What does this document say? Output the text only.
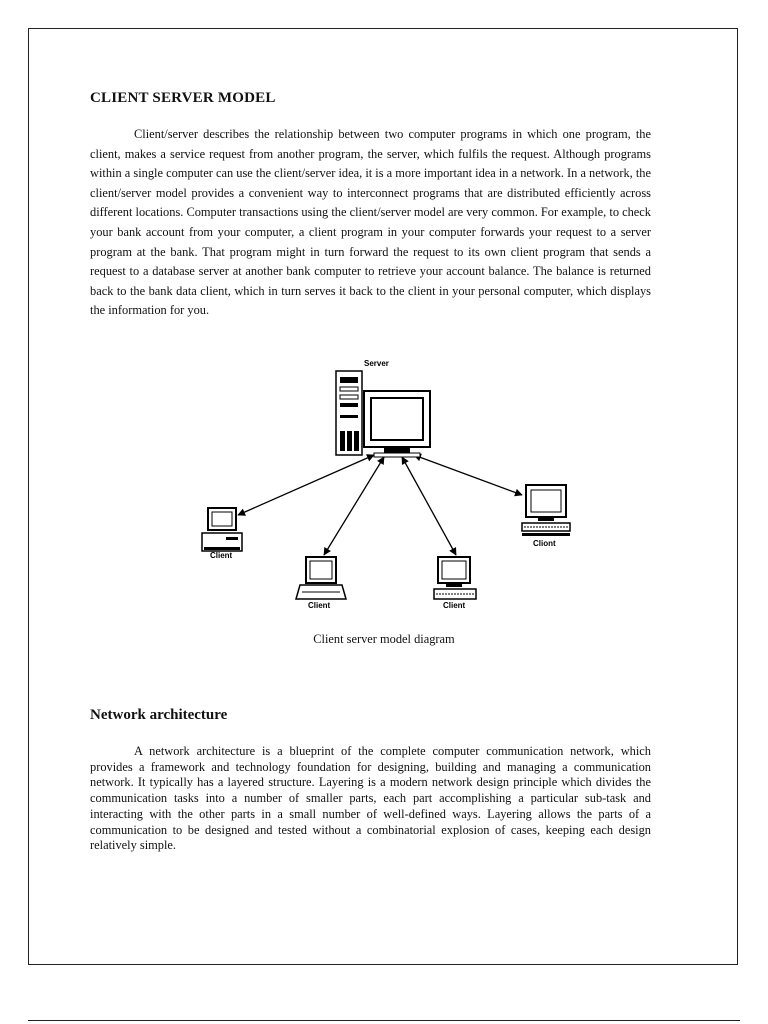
CLIENT SERVER MODEL

Client/server describes the relationship between two computer programs in which one program, the client, makes a service request from another program, the server, which fulfils the request. Although programs within a single computer can use the client/server idea, it is a more important idea in a network. In a network, the client/server model provides a convenient way to interconnect programs that are distributed efficiently across different locations. Computer transactions using the client/server model are very common. For example, to check your bank account from your computer, a client program in your computer forwards your request to a server program at the bank. That program might in turn forward the request to its own client program that sends a request to a database server at another bank computer to retrieve your account balance. The balance is returned back to the bank data client, which in turn serves it back to the client in your personal computer, which displays the information for you.

Server
Client
Client	Client
Cliont

Client server model diagram

Network architecture

A network architecture is a blueprint of the complete computer communication network, which provides a framework and technology foundation for designing, building and managing a communication network. It typically has a layered structure. Layering is a modern network design principle which divides the communication tasks into a number of smaller parts, each part accomplishing a particular sub-task and interacting with the other parts in a small number of well-defined ways. Layering allows the parts of a communication to be designed and tested without a combinatorial explosion of cases, keeping each design relatively simple.
